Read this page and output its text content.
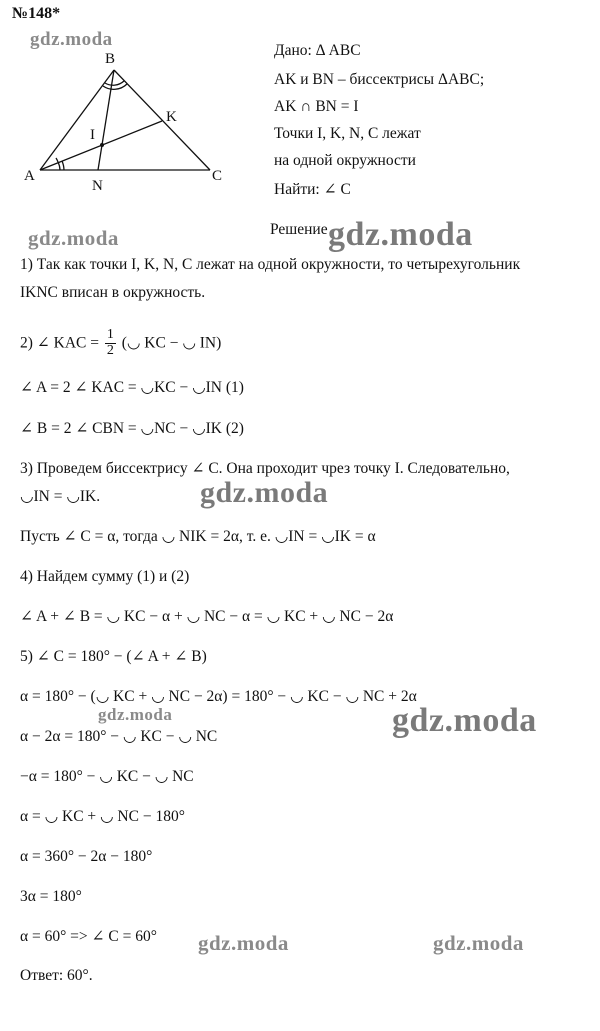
№148*
B
K
I
A
N
C
Дано: Δ ABC
AK и BN – биссектрисы ΔABC;
AK ∩ BN = I
Точки I, K, N, C лежат
на одной окружности
Найти: ∠ C
Решение
1) Так как точки I, K, N, C лежат на одной окружности, то четырехугольник
IKNC вписан в окружность.
2) ∠ KAC = $\frac{1}{2}$ (◡ KC − ◡ IN)
∠ A = 2 ∠ KAC = ◡KC − ◡IN (1)
∠ B = 2 ∠ CBN = ◡NC − ◡IK (2)
3) Проведем биссектрису ∠ C. Она проходит чрез точку I. Следовательно,
◡IN = ◡IK.
Пусть ∠ C = α, тогда ◡ NIK = 2α, т. е. ◡IN = ◡IK = α
4) Найдем сумму (1) и (2)
∠ A + ∠ B = ◡ KC − α + ◡ NC − α = ◡ KC + ◡ NC − 2α
5) ∠ C = 180° − (∠ A + ∠ B)
α = 180° − (◡ KC + ◡ NC − 2α) = 180° − ◡ KC − ◡ NC + 2α
α − 2α = 180° − ◡ KC − ◡ NC
−α = 180° − ◡ KC − ◡ NC
α = ◡ KC + ◡ NC − 180°
α = 360° − 2α − 180°
3α = 180°
α = 60° => ∠ C = 60°
Ответ: 60°.
gdz.moda
gdz.moda	gdz.moda
gdz.moda
gdz.moda	gdz.moda
gdz.moda	gdz.moda
